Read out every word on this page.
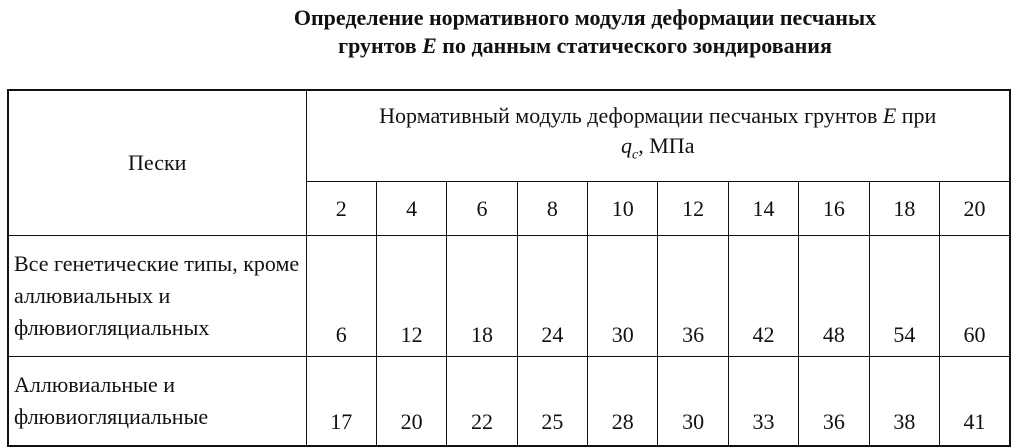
Определение нормативного модуля деформации песчаных
грунтов E по данным статического зондирования
Пески	Нормативный модуль деформации песчаных грунтов E при
$q_c$, МПа									
	2	4	6	8	10	12	14	16	18	20
Все генетические типы, кроме аллювиальных и флювиогляциальных	6	12	18	24	30	36	42	48	54	60
Аллювиальные и флювиогляциальные	17	20	22	25	28	30	33	36	38	41
